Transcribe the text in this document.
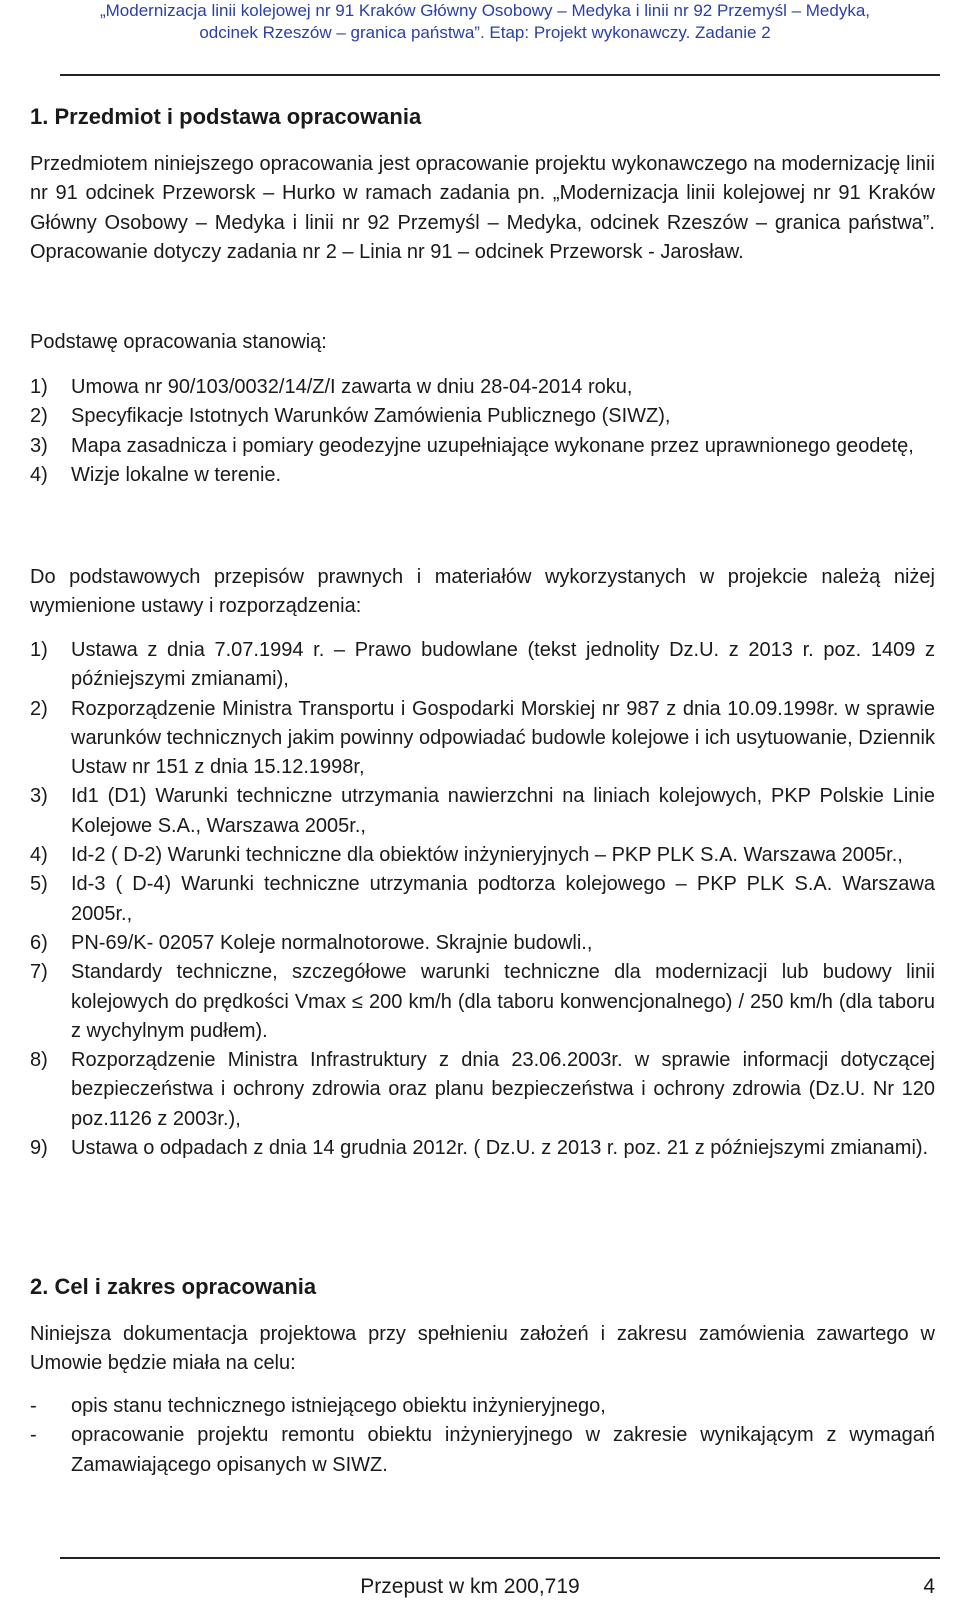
„Modernizacja linii kolejowej nr 91 Kraków Główny Osobowy – Medyka i linii nr 92 Przemyśl – Medyka,
odcinek Rzeszów – granica państwa”. Etap: Projekt wykonawczy. Zadanie 2
1. Przedmiot i podstawa opracowania
Przedmiotem niniejszego opracowania jest opracowanie projektu wykonawczego na modernizację linii nr 91 odcinek Przeworsk – Hurko w ramach zadania pn. „Modernizacja linii kolejowej nr 91 Kraków Główny Osobowy – Medyka i linii nr 92 Przemyśl – Medyka, odcinek Rzeszów – granica państwa”. Opracowanie dotyczy zadania nr 2 – Linia nr 91 – odcinek Przeworsk - Jarosław.
Podstawę opracowania stanowią:
1) Umowa nr 90/103/0032/14/Z/I zawarta w dniu 28-04-2014 roku,
2) Specyfikacje Istotnych Warunków Zamówienia Publicznego (SIWZ),
3) Mapa zasadnicza i pomiary geodezyjne uzupełniające wykonane przez uprawnionego geodetę,
4) Wizje lokalne w terenie.
Do podstawowych przepisów prawnych i materiałów wykorzystanych w projekcie należą niżej wymienione ustawy i rozporządzenia:
1) Ustawa z dnia 7.07.1994 r. – Prawo budowlane (tekst jednolity Dz.U. z 2013 r. poz. 1409 z późniejszymi zmianami),
2) Rozporządzenie Ministra Transportu i Gospodarki Morskiej nr 987 z dnia 10.09.1998r. w sprawie warunków technicznych jakim powinny odpowiadać budowle kolejowe i ich usytuowanie, Dziennik Ustaw nr 151 z dnia 15.12.1998r,
3) Id1 (D1) Warunki techniczne utrzymania nawierzchni na liniach kolejowych, PKP Polskie Linie Kolejowe S.A., Warszawa 2005r.,
4) Id-2 ( D-2) Warunki techniczne dla obiektów inżynieryjnych – PKP PLK S.A. Warszawa 2005r.,
5) Id-3 ( D-4) Warunki techniczne utrzymania podtorza kolejowego – PKP PLK S.A. Warszawa 2005r.,
6) PN-69/K- 02057 Koleje normalnotorowe. Skrajnie budowli.,
7) Standardy techniczne, szczegółowe warunki techniczne dla modernizacji lub budowy linii kolejowych do prędkości Vmax ≤ 200 km/h (dla taboru konwencjonalnego) / 250 km/h (dla taboru z wychylnym pudłem).
8) Rozporządzenie Ministra Infrastruktury z dnia 23.06.2003r. w sprawie informacji dotyczącej bezpieczeństwa i ochrony zdrowia oraz planu bezpieczeństwa i ochrony zdrowia (Dz.U. Nr 120 poz.1126 z 2003r.),
9) Ustawa o odpadach z dnia 14 grudnia 2012r. ( Dz.U. z 2013 r. poz. 21 z późniejszymi zmianami).
2. Cel i zakres opracowania
Niniejsza dokumentacja projektowa przy spełnieniu założeń i zakresu zamówienia zawartego w Umowie będzie miała na celu:
- opis stanu technicznego istniejącego obiektu inżynieryjnego,
- opracowanie projektu remontu obiektu inżynieryjnego w zakresie wynikającym z wymagań Zamawiającego opisanych w SIWZ.
Przepust w km 200,719	4
